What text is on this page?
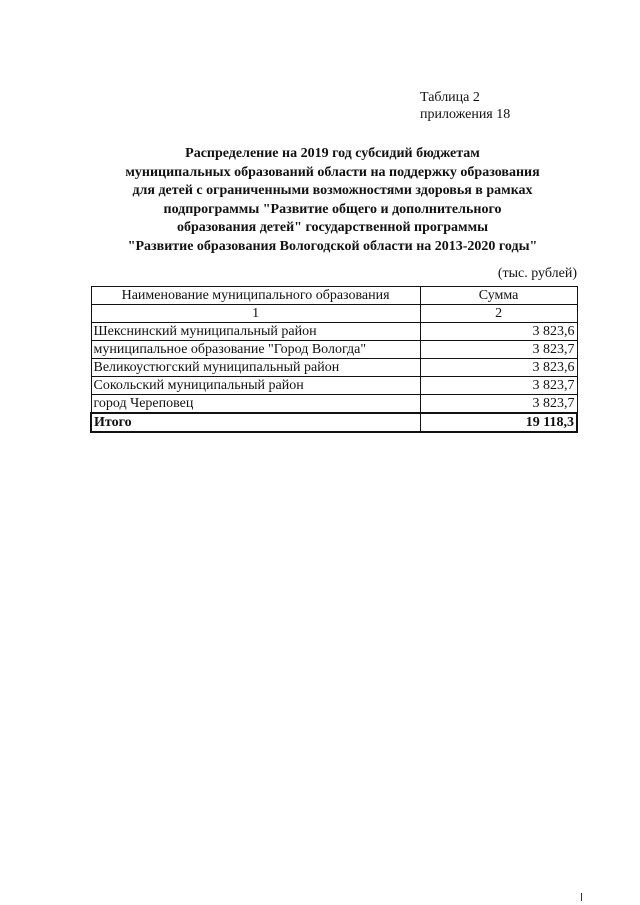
Таблица 2
приложения 18
Распределение на 2019 год субсидий бюджетам
муниципальных образований области на поддержку образования
для детей с ограниченными возможностями здоровья в рамках
подпрограммы "Развитие общего и дополнительного
образования детей" государственной программы
"Развитие образования Вологодской области на 2013-2020 годы"
(тыс. рублей)
Наименование муниципального образования	Сумма
1	2
Шекснинский муниципальный район	3 823,6
муниципальное образование "Город Вологда"	3 823,7
Великоустюгский муниципальный район	3 823,6
Сокольский муниципальный район	3 823,7
город Череповец	3 823,7
Итого	19 118,3
